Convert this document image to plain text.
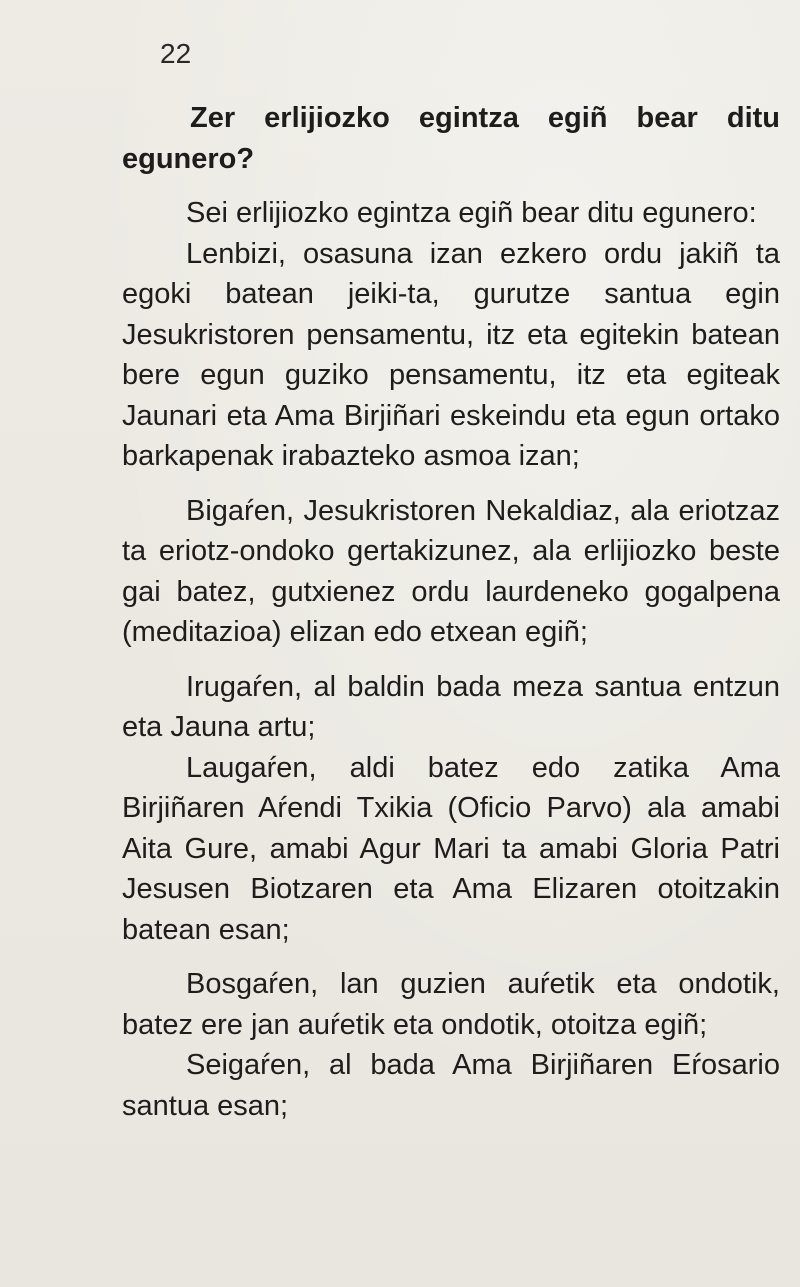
22

Zer erlijiozko egintza egiñ bear ditu egunero?

Sei erlijiozko egintza egiñ bear ditu egunero:

Lenbizi, osasuna izan ezkero ordu jakiñ ta egoki batean jeiki-ta, gurutze santua egin Jesukristoren pensamentu, itz eta egitekin batean bere egun guziko pensamentu, itz eta egiteak Jaunari eta Ama Birjiñari eskeindu eta egun ortako barkapenak irabazteko asmoa izan;

Bigaŕen, Jesukristoren Nekaldiaz, ala eriotzaz ta eriotz-ondoko gertakizunez, ala erlijiozko beste gai batez, gutxienez ordu laurdeneko gogalpena (meditazioa) elizan edo etxean egiñ;

Irugaŕen, al baldin bada meza santua entzun eta Jauna artu;

Laugaŕen, aldi batez edo zatika Ama Birjiñaren Aŕendi Txikia (Oficio Parvo) ala amabi Aita Gure, amabi Agur Mari ta amabi Gloria Patri Jesusen Biotzaren eta Ama Elizaren otoitzakin batean esan;

Bosgaŕen, lan guzien auŕetik eta ondotik, batez ere jan auŕetik eta ondotik, otoitza egiñ;

Seigaŕen, al bada Ama Birjiñaren Eŕosario santua esan;
